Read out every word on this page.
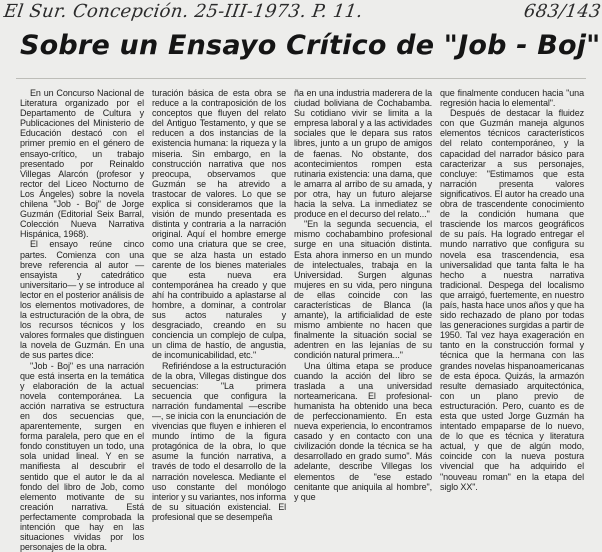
El Sur. Concepción. 25-III-1973. P. 11.	683/143
Sobre un Ensayo Crítico de "Job - Boj"

En un Concurso Nacional de Literatura organizado por el Departamento de Cultura y Publicaciones del Ministerio de Educación destacó con el primer premio en el género de ensayo-crítico, un trabajo presentado por Reinaldo Villegas Alarcón (profesor y rector del Liceo Nocturno de Los Ángeles) sobre la novela chilena "Job - Boj" de Jorge Guzmán (Editorial Seix Barral, Colección Nueva Narrativa Hispánica, 1968).

El ensayo reúne cinco partes. Comienza con una breve referencia al autor —ensayista y catedrático universitario— y se introduce al lector en el posterior análisis de los elementos motivadores, de la estructuración de la obra, de los recursos técnicos y los valores formales que distinguen la novela de Guzmán. En una de sus partes dice:

"Job - Boj" es una narración que está inserta en la temática y elaboración de la actual novela contemporánea. La acción narrativa se estructura en dos secuencias que, aparentemente, surgen en forma paralela, pero que en el fondo constituyen un todo, una sola unidad lineal. Y en se manifiesta al descubrir el sentido que el autor le da al fondo del libro de Job, como elemento motivante de su creación narrativa. Está perfectamente comprobada la intención que hay en las situaciones vividas por los personajes de la obra.

turación básica de esta obra se reduce a la contraposición de los conceptos que fluyen del relato del Antiguo Testamento, y que se reducen a dos instancias de la existencia humana: la riqueza y la miseria. Sin embargo, en la construcción narrativa que nos preocupa, observamos que Guzmán se ha atrevido a trastocar de valores. Lo que se explica si consideramos que la visión de mundo presentada es distinta y contraria a la narración original. Aquí el hombre emerge como una criatura que se cree, que se alza hasta un estado carente de los bienes materiales que esta nueva era contemporánea ha creado y que ahí ha contribuido a aplastarse al hombre, a dominar, a controlar sus actos naturales y desgraciado, creando en su conciencia un complejo de culpa, un clima de hastío, de angustia, de incomunicabilidad, etc."

Refiriéndose a la estructuración de la obra, Villegas distingue dos secuencias: "La primera secuencia que configura la narración fundamental —escribe—, se inicia con la enunciación de vivencias que fluyen e inhieren el mundo íntimo de la figura protagónica de la obra, lo que asume la función narrativa, a través de todo el desarrollo de la narración novelesca. Mediante el uso constante del monólogo interior y su variantes, nos informa de su situación existencial. El profesional que se desempeña

ña en una industria maderera de la ciudad boliviana de Cochabamba. Su cotidiano vivir se limita a la empresa laboral y a las actividades sociales que le depara sus ratos libres, junto a un grupo de amigos de faenas. No obstante, dos acontecimientos rompen esta rutinaria existencia: una dama, que le amarra al arribo de su amada, y por otra, hay un futuro alejarse hacia la selva. La inmediatez se produce en el decurso del relato..."

"En la segunda secuencia, el mismo cochabambino profesional surge en una situación distinta. Esta ahora inmerso en un mundo de intelectuales, trabaja en la Universidad. Surgen algunas mujeres en su vida, pero ninguna de ellas coincide con las características de Blanca (la amante), la artificialidad de este mismo ambiente no hacen que finalmente la situación social se adentren en las lejanías de su condición natural primera..."

Una última etapa se produce cuando la acción del libro se traslada a una universidad norteamericana. El profesional-humanista ha obtenido una beca de perfeccionamiento. En esta nueva experiencia, lo encontramos casado y en contacto con una civilización donde la técnica se ha desarrollado en grado sumo". Más adelante, describe Villegas los elementos de "ese estado cenitante que aniquila al hombre", y que

que finalmente conducen hacia "una regresión hacia lo elemental".

Después de destacar la fluidez con que Guzmán maneja algunos elementos técnicos característicos del relato contemporáneo, y la capacidad del narrador básico para caracterizar a sus personajes, concluye: "Estimamos que esta narración presenta valores significativos. El autor ha creado una obra de trascendente conocimiento de la condición humana que trasciende los marcos geográficos de su país. Ha logrado entregar el mundo narrativo que configura su novela esa trascendencia, esa universalidad que tanta falta le ha hecho a nuestra narrativa tradicional. Despega del localismo que arraigó, fuertemente, en nuestro país, hasta hace unos años y que ha sido rechazado de plano por todas las generaciones surgidas a partir de 1950. Tal vez haya exageración en tanto en la construcción formal y técnica que la hermana con las grandes novelas hispanoamericanas de esta época. Quizás, la armazón resulte demasiado arquitectónica, con un plano previo de estructuración. Pero, cuanto es de esta que usted Jorge Guzmán ha intentado empaparse de lo nuevo, de lo que es técnica y literatura actual, y que de algún modo, coincide con la nueva postura vivencial que ha adquirido el "nouveau roman" en la etapa del siglo XX".
